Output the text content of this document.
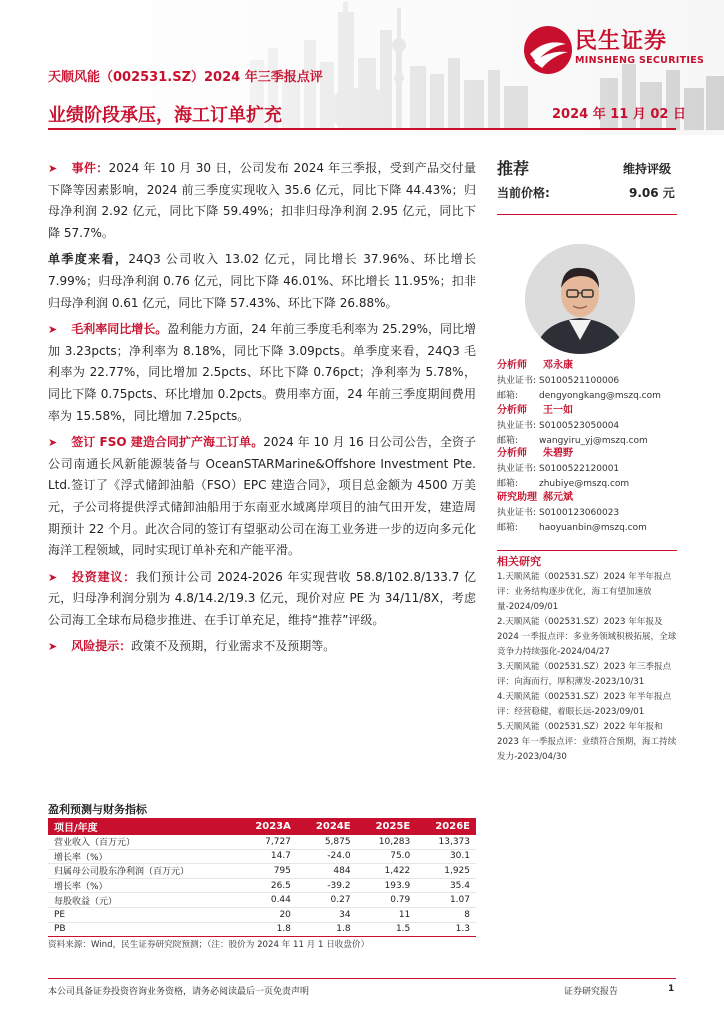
民生证券
MINSHENG SECURITIES
天顺风能（002531.SZ）2024 年三季报点评
业绩阶段承压，海工订单扩充	2024 年 11 月 02 日

➤ 事件：2024 年 10 月 30 日，公司发布 2024 年三季报，受到产品交付量下降等因素影响，2024 前三季度实现收入 35.6 亿元，同比下降 44.43%；归母净利润 2.92 亿元，同比下降 59.49%；扣非归母净利润 2.95 亿元，同比下降 57.7%。

单季度来看，24Q3 公司收入 13.02 亿元，同比增长 37.96%、环比增长 7.99%；归母净利润 0.76 亿元，同比下降 46.01%、环比增长 11.95%；扣非归母净利润 0.61 亿元，同比下降 57.43%、环比下降 26.88%。

➤ 毛利率同比增长。盈利能力方面，24 年前三季度毛利率为 25.29%，同比增加 3.23pcts；净利率为 8.18%，同比下降 3.09pcts。单季度来看，24Q3 毛利率为 22.77%，同比增加 2.5pcts、环比下降 0.76pct；净利率为 5.78%，同比下降 0.75pcts、环比增加 0.2pcts。费用率方面，24 年前三季度期间费用率为 15.58%，同比增加 7.25pcts。

➤ 签订 FSO 建造合同扩产海工订单。2024 年 10 月 16 日公司公告，全资子公司南通长风新能源装备与 OceanSTARMarine&Offshore Investment Pte. Ltd.签订了《浮式储卸油船（FSO）EPC 建造合同》，项目总金额为 4500 万美元，子公司将提供浮式储卸油船用于东南亚水域离岸项目的油气田开发，建造周期预计 22 个月。此次合同的签订有望驱动公司在海工业务进一步的迈向多元化海洋工程领域，同时实现订单补充和产能平滑。

➤ 投资建议：我们预计公司 2024-2026 年实现营收 58.8/102.8/133.7 亿元，归母净利润分别为 4.8/14.2/19.3 亿元，现价对应 PE 为 34/11/8X，考虑公司海工全球布局稳步推进、在手订单充足，维持“推荐”评级。

➤ 风险提示：政策不及预期，行业需求不及预期等。

推荐	维持评级
当前价格:	9.06 元
分析师 邓永康
执业证书: S0100521100006
邮箱: dengyongkang@mszq.com
分析师 王一如
执业证书: S0100523050004
邮箱: wangyiru_yj@mszq.com
分析师 朱碧野
执业证书: S0100522120001
邮箱: zhubiye@mszq.com
研究助理 郝元斌
执业证书: S0100123060023
邮箱: haoyuanbin@mszq.com
相关研究
1.天顺风能（002531.SZ）2024 年半年报点评：业务结构逐步优化，海工有望加速放量-2024/09/01
2.天顺风能（002531.SZ）2023 年年报及 2024 一季报点评：多业务领域积极拓展，全球竞争力持续强化-2024/04/27
3.天顺风能（002531.SZ）2023 年三季报点评：向海而行，厚积薄发-2023/10/31
4.天顺风能（002531.SZ）2023 年半年报点评：经营稳健，着眼长远-2023/09/01
5.天顺风能（002531.SZ）2022 年年报和 2023 年一季报点评：业绩符合预期，海工持续发力-2023/04/30
盈利预测与财务指标
项目/年度	2023A	2024E	2025E	2026E
营业收入（百万元）	7,727	5,875	10,283	13,373
增长率（%）	14.7	-24.0	75.0	30.1
归属母公司股东净利润（百万元）	795	484	1,422	1,925
增长率（%）	26.5	-39.2	193.9	35.4
每股收益（元）	0.44	0.27	0.79	1.07
PE	20	34	11	8
PB	1.8	1.8	1.5	1.3
资料来源：Wind，民生证券研究院预测；（注：股价为 2024 年 11 月 1 日收盘价）
本公司具备证券投资咨询业务资格，请务必阅读最后一页免责声明	证券研究报告	1
